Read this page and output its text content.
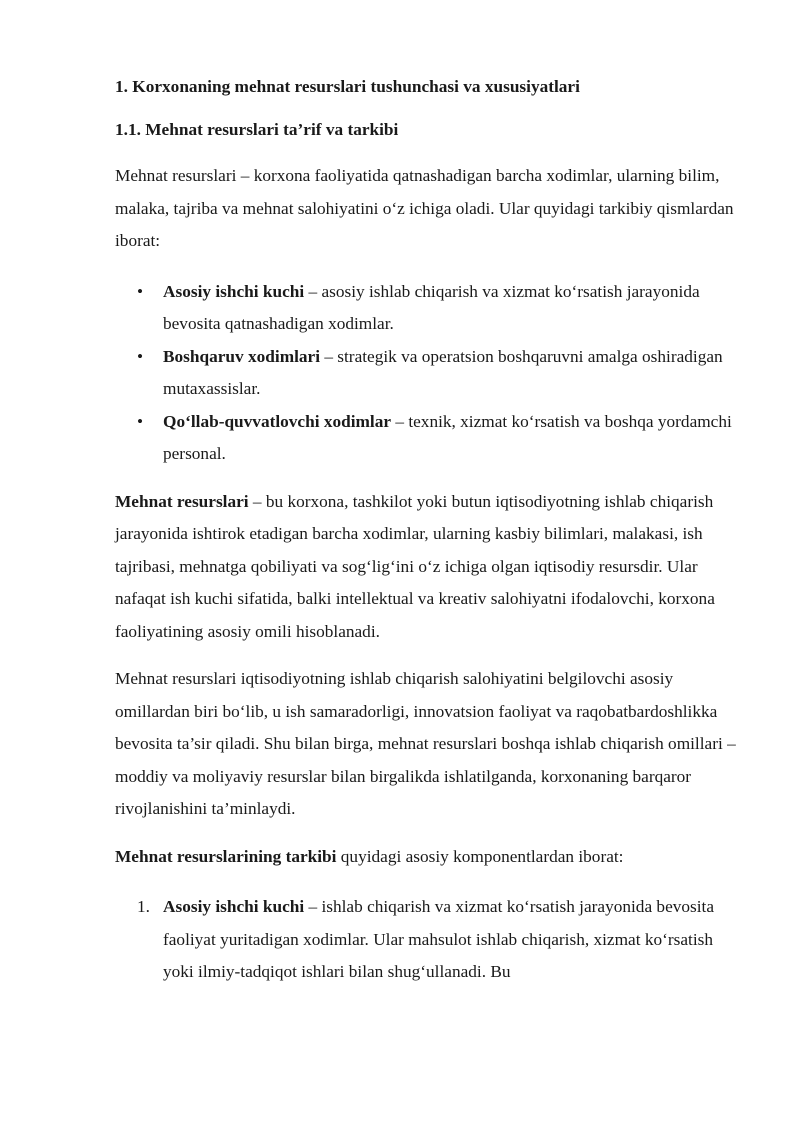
1. Korxonaning mehnat resurslari tushunchasi va xususiyatlari
1.1. Mehnat resurslari ta’rif va tarkibi

Mehnat resurslari – korxona faoliyatida qatnashadigan barcha xodimlar, ularning bilim, malaka, tajriba va mehnat salohiyatini o‘z ichiga oladi. Ular quyidagi tarkibiy qismlardan iborat:

• Asosiy ishchi kuchi – asosiy ishlab chiqarish va xizmat ko‘rsatish jarayonida bevosita qatnashadigan xodimlar.
• Boshqaruv xodimlari – strategik va operatsion boshqaruvni amalga oshiradigan mutaxassislar.
• Qo‘llab-quvvatlovchi xodimlar – texnik, xizmat ko‘rsatish va boshqa yordamchi personal.

Mehnat resurslari – bu korxona, tashkilot yoki butun iqtisodiyotning ishlab chiqarish jarayonida ishtirok etadigan barcha xodimlar, ularning kasbiy bilimlari, malakasi, ish tajribasi, mehnatga qobiliyati va sog‘lig‘ini o‘z ichiga olgan iqtisodiy resursdir. Ular nafaqat ish kuchi sifatida, balki intellektual va kreativ salohiyatni ifodalovchi, korxona faoliyatining asosiy omili hisoblanadi.

Mehnat resurslari iqtisodiyotning ishlab chiqarish salohiyatini belgilovchi asosiy omillardan biri bo‘lib, u ish samaradorligi, innovatsion faoliyat va raqobatbardoshlikka bevosita ta’sir qiladi. Shu bilan birga, mehnat resurslari boshqa ishlab chiqarish omillari – moddiy va moliyaviy resurslar bilan birgalikda ishlatilganda, korxonaning barqaror rivojlanishini ta’minlaydi.

Mehnat resurslarining tarkibi quyidagi asosiy komponentlardan iborat:

1. Asosiy ishchi kuchi – ishlab chiqarish va xizmat ko‘rsatish jarayonida bevosita faoliyat yuritadigan xodimlar. Ular mahsulot ishlab chiqarish, xizmat ko‘rsatish yoki ilmiy-tadqiqot ishlari bilan shug‘ullanadi. Bu
